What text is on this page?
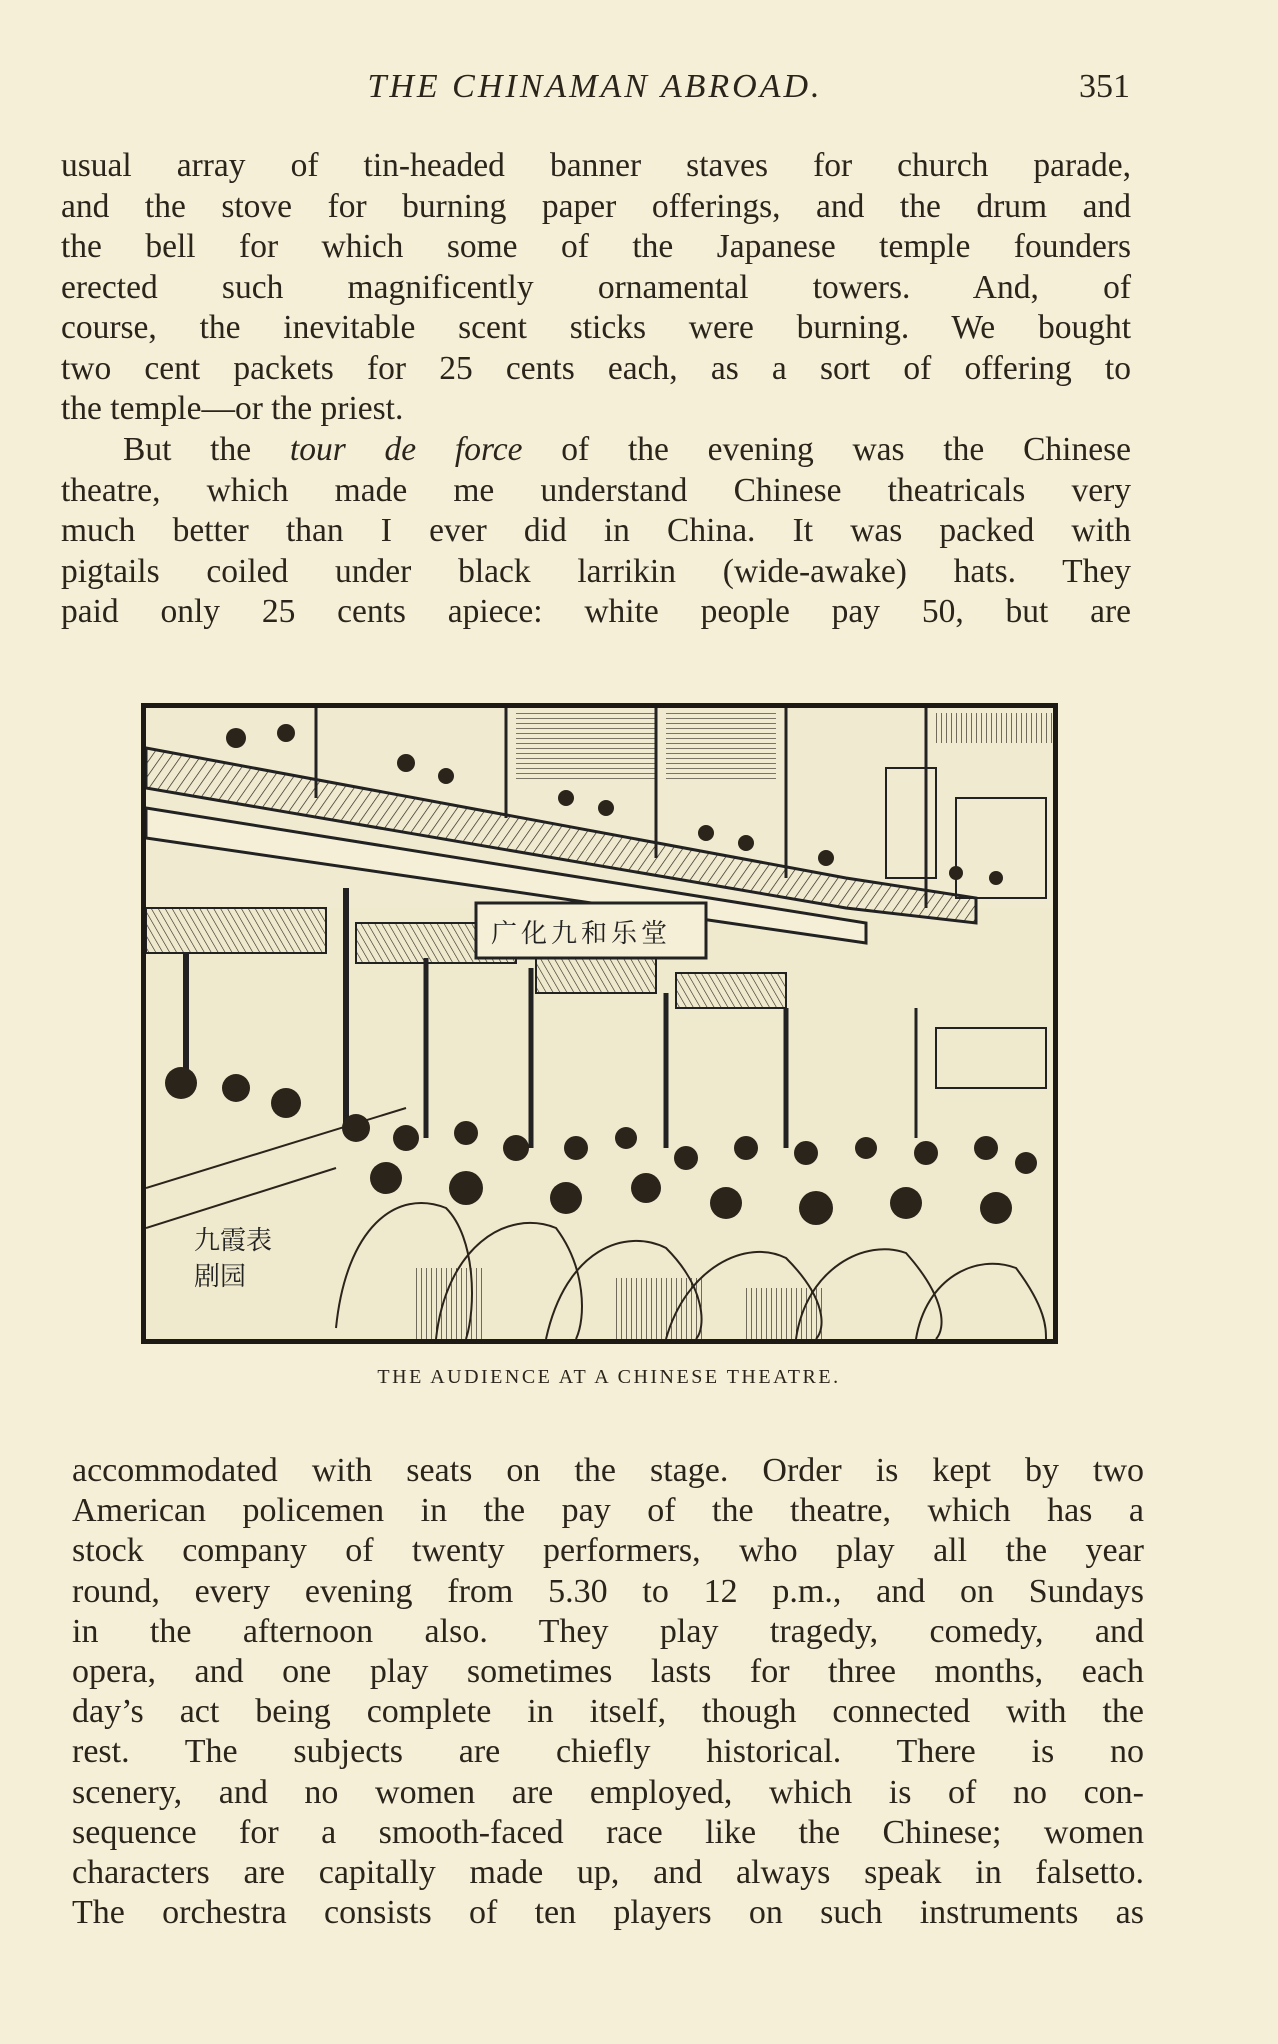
THE CHINAMAN ABROAD.	351
usual array of tin-headed banner staves for church parade,
and the stove for burning paper offerings, and the drum and
the bell for which some of the Japanese temple founders
erected such magnificently ornamental towers. And, of
course, the inevitable scent sticks were burning. We bought
two cent packets for 25 cents each, as a sort of offering to
the temple—or the priest.
But the tour de force of the evening was the Chinese
theatre, which made me understand Chinese theatricals very
much better than I ever did in China. It was packed with
pigtails coiled under black larrikin (wide-awake) hats. They
paid only 25 cents apiece: white people pay 50, but are
广化九和乐堂
九霞表剧园
THE AUDIENCE AT A CHINESE THEATRE.
accommodated with seats on the stage. Order is kept by two
American policemen in the pay of the theatre, which has a
stock company of twenty performers, who play all the year
round, every evening from 5.30 to 12 p.m., and on Sundays
in the afternoon also. They play tragedy, comedy, and
opera, and one play sometimes lasts for three months, each
day’s act being complete in itself, though connected with the
rest. The subjects are chiefly historical. There is no
scenery, and no women are employed, which is of no con-
sequence for a smooth-faced race like the Chinese; women
characters are capitally made up, and always speak in falsetto.
The orchestra consists of ten players on such instruments as
